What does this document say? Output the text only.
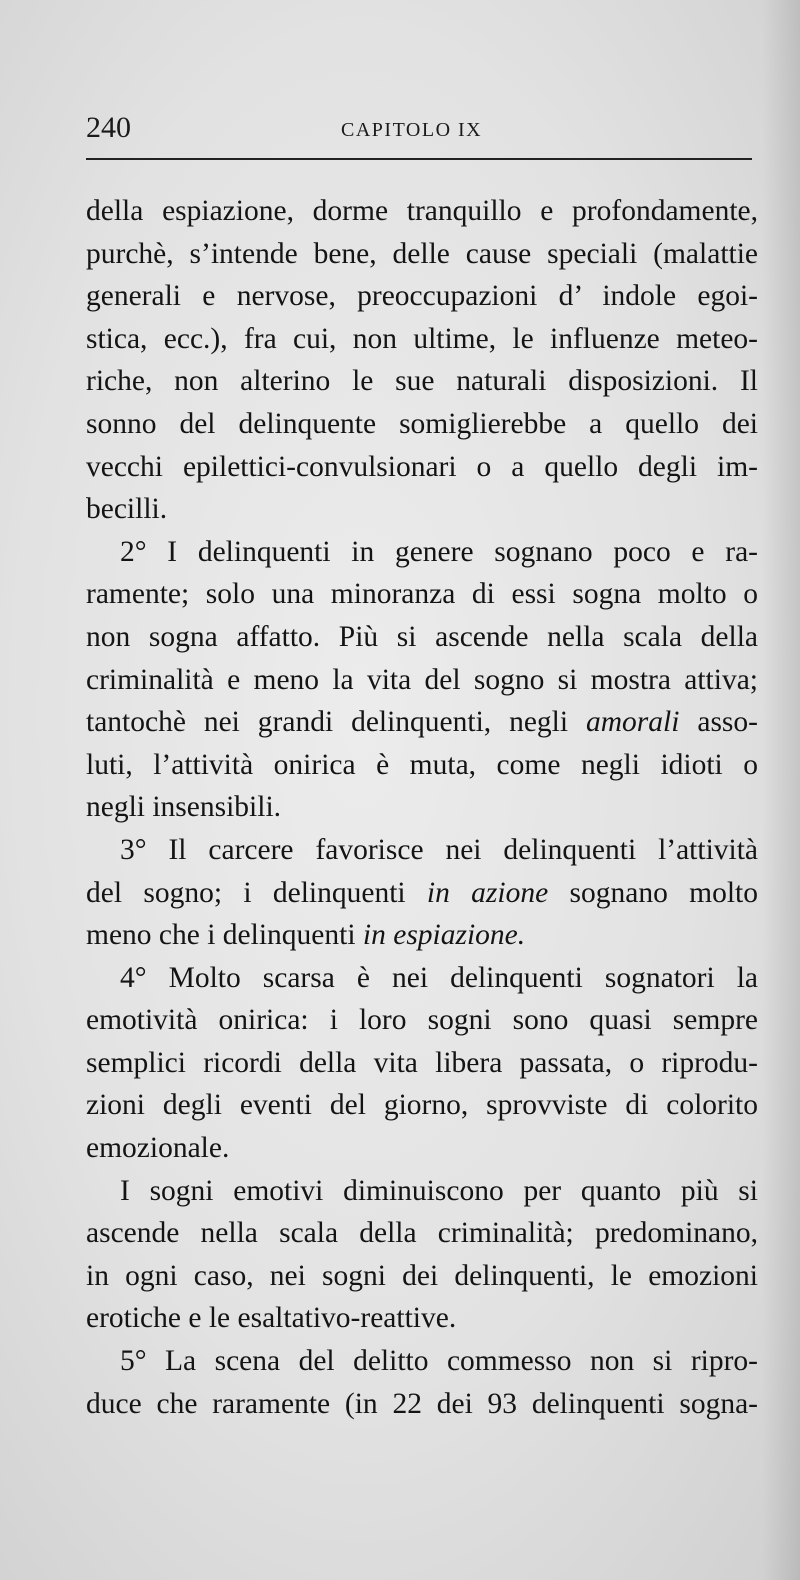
240	CAPITOLO IX
della espiazione, dorme tranquillo e profondamente,
purchè, s’intende bene, delle cause speciali (malattie
generali e nervose, preoccupazioni d’ indole egoi-
stica, ecc.), fra cui, non ultime, le influenze meteo-
riche, non alterino le sue naturali disposizioni. Il
sonno del delinquente somiglierebbe a quello dei
vecchi epilettici-convulsionari o a quello degli im-
becilli.
2° I delinquenti in genere sognano poco e ra-
ramente; solo una minoranza di essi sogna molto o
non sogna affatto. Più si ascende nella scala della
criminalità e meno la vita del sogno si mostra attiva;
tantochè nei grandi delinquenti, negli amorali asso-
luti, l’attività onirica è muta, come negli idioti o
negli insensibili.
3° Il carcere favorisce nei delinquenti l’attività
del sogno; i delinquenti in azione sognano molto
meno che i delinquenti in espiazione.
4° Molto scarsa è nei delinquenti sognatori la
emotività onirica: i loro sogni sono quasi sempre
semplici ricordi della vita libera passata, o riprodu-
zioni degli eventi del giorno, sprovviste di colorito
emozionale.
I sogni emotivi diminuiscono per quanto più si
ascende nella scala della criminalità; predominano,
in ogni caso, nei sogni dei delinquenti, le emozioni
erotiche e le esaltativo-reattive.
5° La scena del delitto commesso non si ripro-
duce che raramente (in 22 dei 93 delinquenti sogna-
